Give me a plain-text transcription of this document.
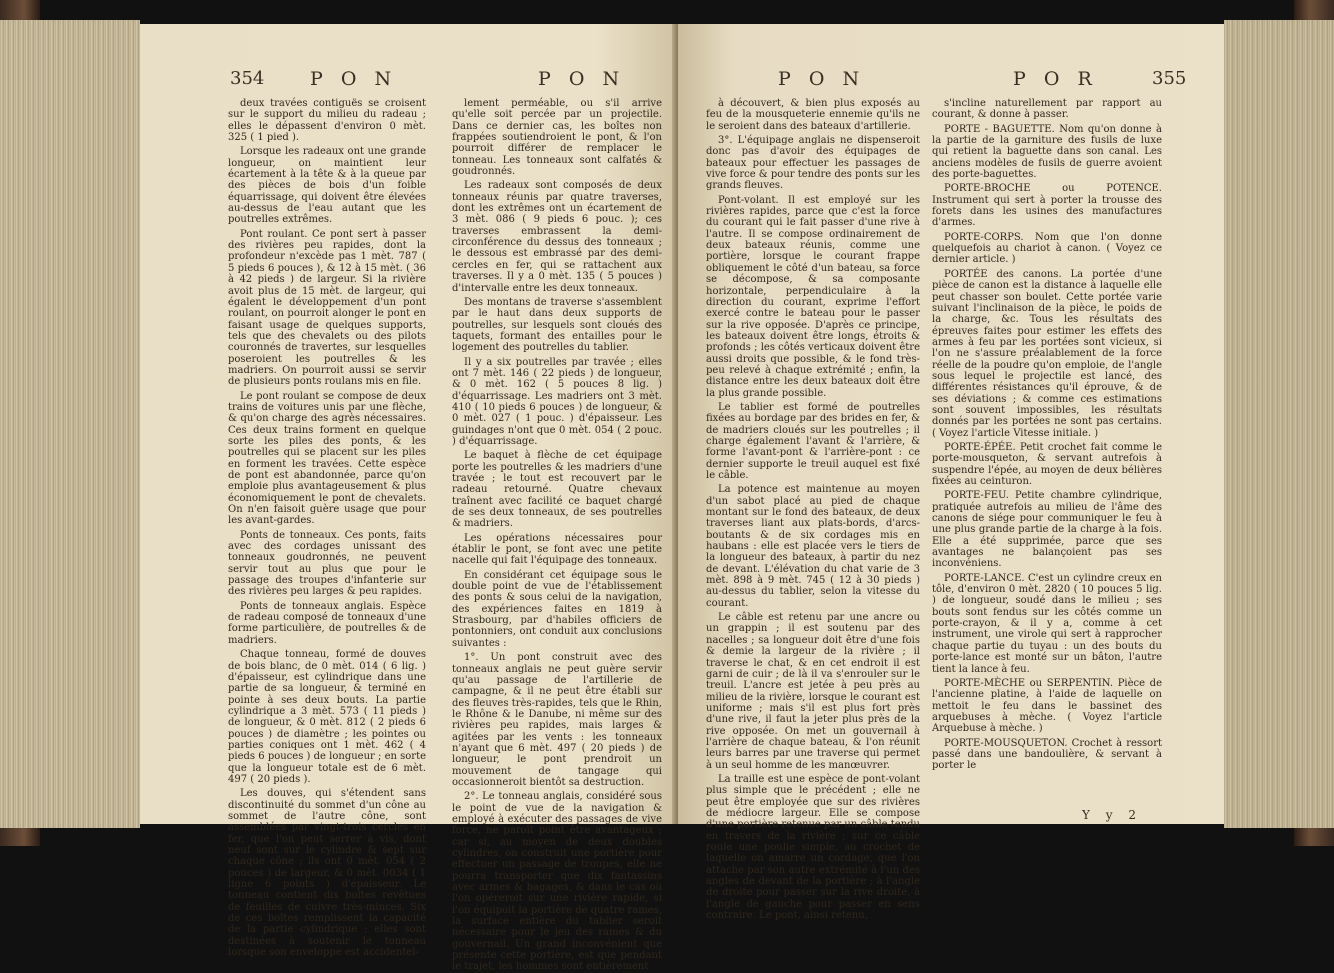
354 P O N	P O N

deux travées contiguës se croisent sur le support du milieu du radeau ; elles le dépassent d'environ 0 mèt. 325 ( 1 pied ).

Lorsque les radeaux ont une grande longueur, on maintient leur écartement à la tête & à la queue par des pièces de bois d'un foible équarrissage, qui doivent être élevées au-dessus de l'eau autant que les poutrelles extrêmes.

Pont roulant. Ce pont sert à passer des rivières peu rapides, dont la profondeur n'excède pas 1 mèt. 787 ( 5 pieds 6 pouces ), & 12 à 15 mèt. ( 36 à 42 pieds ) de largeur. Si la rivière avoit plus de 15 mèt. de largeur, qui égalent le développement d'un pont roulant, on pourroit alonger le pont en faisant usage de quelques supports, tels que des chevalets ou des pilots couronnés de travertes, sur lesquelles poseroient les poutrelles & les madriers. On pourroit aussi se servir de plusieurs ponts roulans mis en file.

Le pont roulant se compose de deux trains de voitures unis par une flèche, & qu'on charge des agrès nécessaires. Ces deux trains forment en quelque sorte les piles des ponts, & les poutrelles qui se placent sur les piles en forment les travées. Cette espèce de pont est abandonnée, parce qu'on emploie plus avantageusement & plus économiquement le pont de chevalets. On n'en faisoit guère usage que pour les avant-gardes.

Ponts de tonneaux. Ces ponts, faits avec des cordages unissant des tonneaux goudronnés, ne peuvent servir tout au plus que pour le passage des troupes d'infanterie sur des rivières peu larges & peu rapides.

Ponts de tonneaux anglais. Espèce de radeau composé de tonneaux d'une forme particulière, de poutrelles & de madriers.

Chaque tonneau, formé de douves de bois blanc, de 0 mèt. 014 ( 6 lig. ) d'épaisseur, est cylindrique dans une partie de sa longueur, & terminé en pointe à ses deux bouts. La partie cylindrique a 3 mèt. 573 ( 11 pieds ) de longueur, & 0 mèt. 812 ( 2 pieds 6 pouces ) de diamètre ; les pointes ou parties coniques ont 1 mèt. 462 ( 4 pieds 6 pouces ) de longueur ; en sorte que la longueur totale est de 6 mèt. 497 ( 20 pieds ).

Les douves, qui s'étendent sans discontinuité du sommet d'un cône au sommet de l'autre cône, sont assemblées par vingt-trois cercles en fer, que l'on peut serrer à vis, dont neuf sont sur le cylindre & sept sur chaque cône ; ils ont 0 mèt. 054 ( 2 pouces ) de largeur, & 0 mèt. 0034 ( 1 ligne 6 points ) d'épaisseur. Le tonneau contient dix boîtes revêtues de feuilles de cuivre très-minces. Six de ces boîtes remplissent la capacité de la partie cylindrique ; elles sont destinées à soutenir le tonneau lorsque son enveloppe est accidentel-

lement perméable, ou s'il arrive qu'elle soit percée par un projectile. Dans ce dernier cas, les boîtes non frappées soutiendroient le pont, & l'on pourroit différer de remplacer le tonneau. Les tonneaux sont calfatés & goudronnés.

Les radeaux sont composés de deux tonneaux réunis par quatre traverses, dont les extrêmes ont un écartement de 3 mèt. 086 ( 9 pieds 6 pouc. ); ces traverses embrassent la demi-circonférence du dessus des tonneaux ; le dessous est embrassé par des demi-cercles en fer, qui se rattachent aux traverses. Il y a 0 mèt. 135 ( 5 pouces ) d'intervalle entre les deux tonneaux.

Des montans de traverse s'assemblent par le haut dans deux supports de poutrelles, sur lesquels sont cloués des taquets, formant des entailles pour le logement des poutrelles du tablier.

Il y a six poutrelles par travée ; elles ont 7 mèt. 146 ( 22 pieds ) de longueur, & 0 mèt. 162 ( 5 pouces 8 lig. ) d'équarrissage. Les madriers ont 3 mèt. 410 ( 10 pieds 6 pouces ) de longueur, & 0 mèt. 027 ( 1 pouc. ) d'épaisseur. Les guindages n'ont que 0 mèt. 054 ( 2 pouc. ) d'équarrissage.

Le baquet à flèche de cet équipage porte les poutrelles & les madriers d'une travée ; le tout est recouvert par le radeau retourné. Quatre chevaux traînent avec facilité ce baquet chargé de ses deux tonneaux, de ses poutrelles & madriers.

Les opérations nécessaires pour établir le pont, se font avec une petite nacelle qui fait l'équipage des tonneaux.

En considérant cet équipage sous le double point de vue de l'établissement des ponts & sous celui de la navigation, des expériences faites en 1819 à Strasbourg, par d'habiles officiers de pontonniers, ont conduit aux conclusions suivantes :

1°. Un pont construit avec des tonneaux anglais ne peut guère servir qu'au passage de l'artillerie de campagne, & il ne peut être établi sur des fleuves très-rapides, tels que le Rhin, le Rhône & le Danube, ni même sur des rivières peu rapides, mais larges & agitées par les vents : les tonneaux n'ayant que 6 mèt. 497 ( 20 pieds ) de longueur, le pont prendroit un mouvement de tangage qui occasionneroit bientôt sa destruction.

2°. Le tonneau anglais, considéré sous le point de vue de la navigation & employé à exécuter des passages de vive force, ne paroît point être avantageux ; car si, au moyen de deux doubles cylindres, on construit une portière pour effectuer un passage de troupes, elle ne pourra transporter que dix fantassins avec armes & bagages, & dans le cas où l'on opéreroit sur une rivière rapide, si l'on équipoit la portière de quatre rames, la surface entière du tablier seroit nécessaire pour le jeu des rames & du gouvernail. Un grand inconvénient que présente cette portière, est que pendant le trajet, les hommes sont entièrement

P O N	P O R	355

à découvert, & bien plus exposés au feu de la mousqueterie ennemie qu'ils ne le seroient dans des bateaux d'artillerie.

3°. L'équipage anglais ne dispenseroit donc pas d'avoir des équipages de bateaux pour effectuer les passages de vive force & pour tendre des ponts sur les grands fleuves.

Pont-volant. Il est employé sur les rivières rapides, parce que c'est la force du courant qui le fait passer d'une rive à l'autre. Il se compose ordinairement de deux bateaux réunis, comme une portière, lorsque le courant frappe obliquement le côté d'un bateau, sa force se décompose, & sa composante horizontale, perpendiculaire à la direction du courant, exprime l'effort exercé contre le bateau pour le passer sur la rive opposée. D'après ce principe, les bateaux doivent être longs, étroits & profonds ; les côtés verticaux doivent être aussi droits que possible, & le fond très-peu relevé à chaque extrémité ; enfin, la distance entre les deux bateaux doit être la plus grande possible.

Le tablier est formé de poutrelles fixées au bordage par des brides en fer, & de madriers cloués sur les poutrelles ; il charge également l'avant & l'arrière, & forme l'avant-pont & l'arrière-pont : ce dernier supporte le treuil auquel est fixé le câble.

La potence est maintenue au moyen d'un sabot placé au pied de chaque montant sur le fond des bateaux, de deux traverses liant aux plats-bords, d'arcs-boutants & de six cordages mis en haubans : elle est placée vers le tiers de la longueur des bateaux, à partir du nez de devant. L'élévation du chat varie de 3 mèt. 898 à 9 mèt. 745 ( 12 à 30 pieds ) au-dessus du tablier, selon la vitesse du courant.

Le câble est retenu par une ancre ou un grappin ; il est soutenu par des nacelles ; sa longueur doit être d'une fois & demie la largeur de la rivière ; il traverse le chat, & en cet endroit il est garni de cuir ; de là il va s'enrouler sur le treuil. L'ancre est jetée à peu près au milieu de la rivière, lorsque le courant est uniforme ; mais s'il est plus fort près d'une rive, il faut la jeter plus près de la rive opposée. On met un gouvernail à l'arrière de chaque bateau, & l'on réunit leurs barres par une traverse qui permet à un seul homme de les manœuvrer.

La traille est une espèce de pont-volant plus simple que le précédent ; elle ne peut être employée que sur des rivières de médiocre largeur. Elle se compose d'une portière retenue par un câble tendu en travers de la rivière ; sur ce câble roule une poulie simple, au crochet de laquelle on amarre un cordage, que l'on attache par son autre extrémité à l'un des angles de devant de la portière ; à l'angle de droite pour passer sur la rive droite, à l'angle de gauche pour passer en sens contraire. Le pont, ainsi retenu,

s'incline naturellement par rapport au courant, & donne à passer.

PORTE - BAGUETTE. Nom qu'on donne à la partie de la garniture des fusils de luxe qui retient la baguette dans son canal. Les anciens modèles de fusils de guerre avoient des porte-baguettes.

PORTE-BROCHE ou POTENCE. Instrument qui sert à porter la trousse des forets dans les usines des manufactures d'armes.

PORTE-CORPS. Nom que l'on donne quelquefois au chariot à canon. ( Voyez ce dernier article. )

PORTÉE des canons. La portée d'une pièce de canon est la distance à laquelle elle peut chasser son boulet. Cette portée varie suivant l'inclinaison de la pièce, le poids de la charge, &c. Tous les résultats des épreuves faites pour estimer les effets des armes à feu par les portées sont vicieux, si l'on ne s'assure préalablement de la force réelle de la poudre qu'on emploie, de l'angle sous lequel le projectile est lancé, des différentes résistances qu'il éprouve, & de ses déviations ; & comme ces estimations sont souvent impossibles, les résultats donnés par les portées ne sont pas certains. ( Voyez l'article Vitesse initiale. )

PORTE-ÉPÉE. Petit crochet fait comme le porte-mousqueton, & servant autrefois à suspendre l'épée, au moyen de deux bélières fixées au ceinturon.

PORTE-FEU. Petite chambre cylindrique, pratiquée autrefois au milieu de l'âme des canons de siége pour communiquer le feu à une plus grande partie de la charge à la fois. Elle a été supprimée, parce que ses avantages ne balançoient pas ses inconvéniens.

PORTE-LANCE. C'est un cylindre creux en tôle, d'environ 0 mèt. 2820 ( 10 pouces 5 lig. ) de longueur, soudé dans le milieu ; ses bouts sont fendus sur les côtés comme un porte-crayon, & il y a, comme à cet instrument, une virole qui sert à rapprocher chaque partie du tuyau : un des bouts du porte-lance est monté sur un bâton, l'autre tient la lance à feu.

PORTE-MÈCHE ou SERPENTIN. Pièce de l'ancienne platine, à l'aide de laquelle on mettoit le feu dans le bassinet des arquebuses à mèche. ( Voyez l'article Arquebuse à mèche. )

PORTE-MOUSQUETON. Crochet à ressort passé dans une bandoulière, & servant à porter le

Y y 2
